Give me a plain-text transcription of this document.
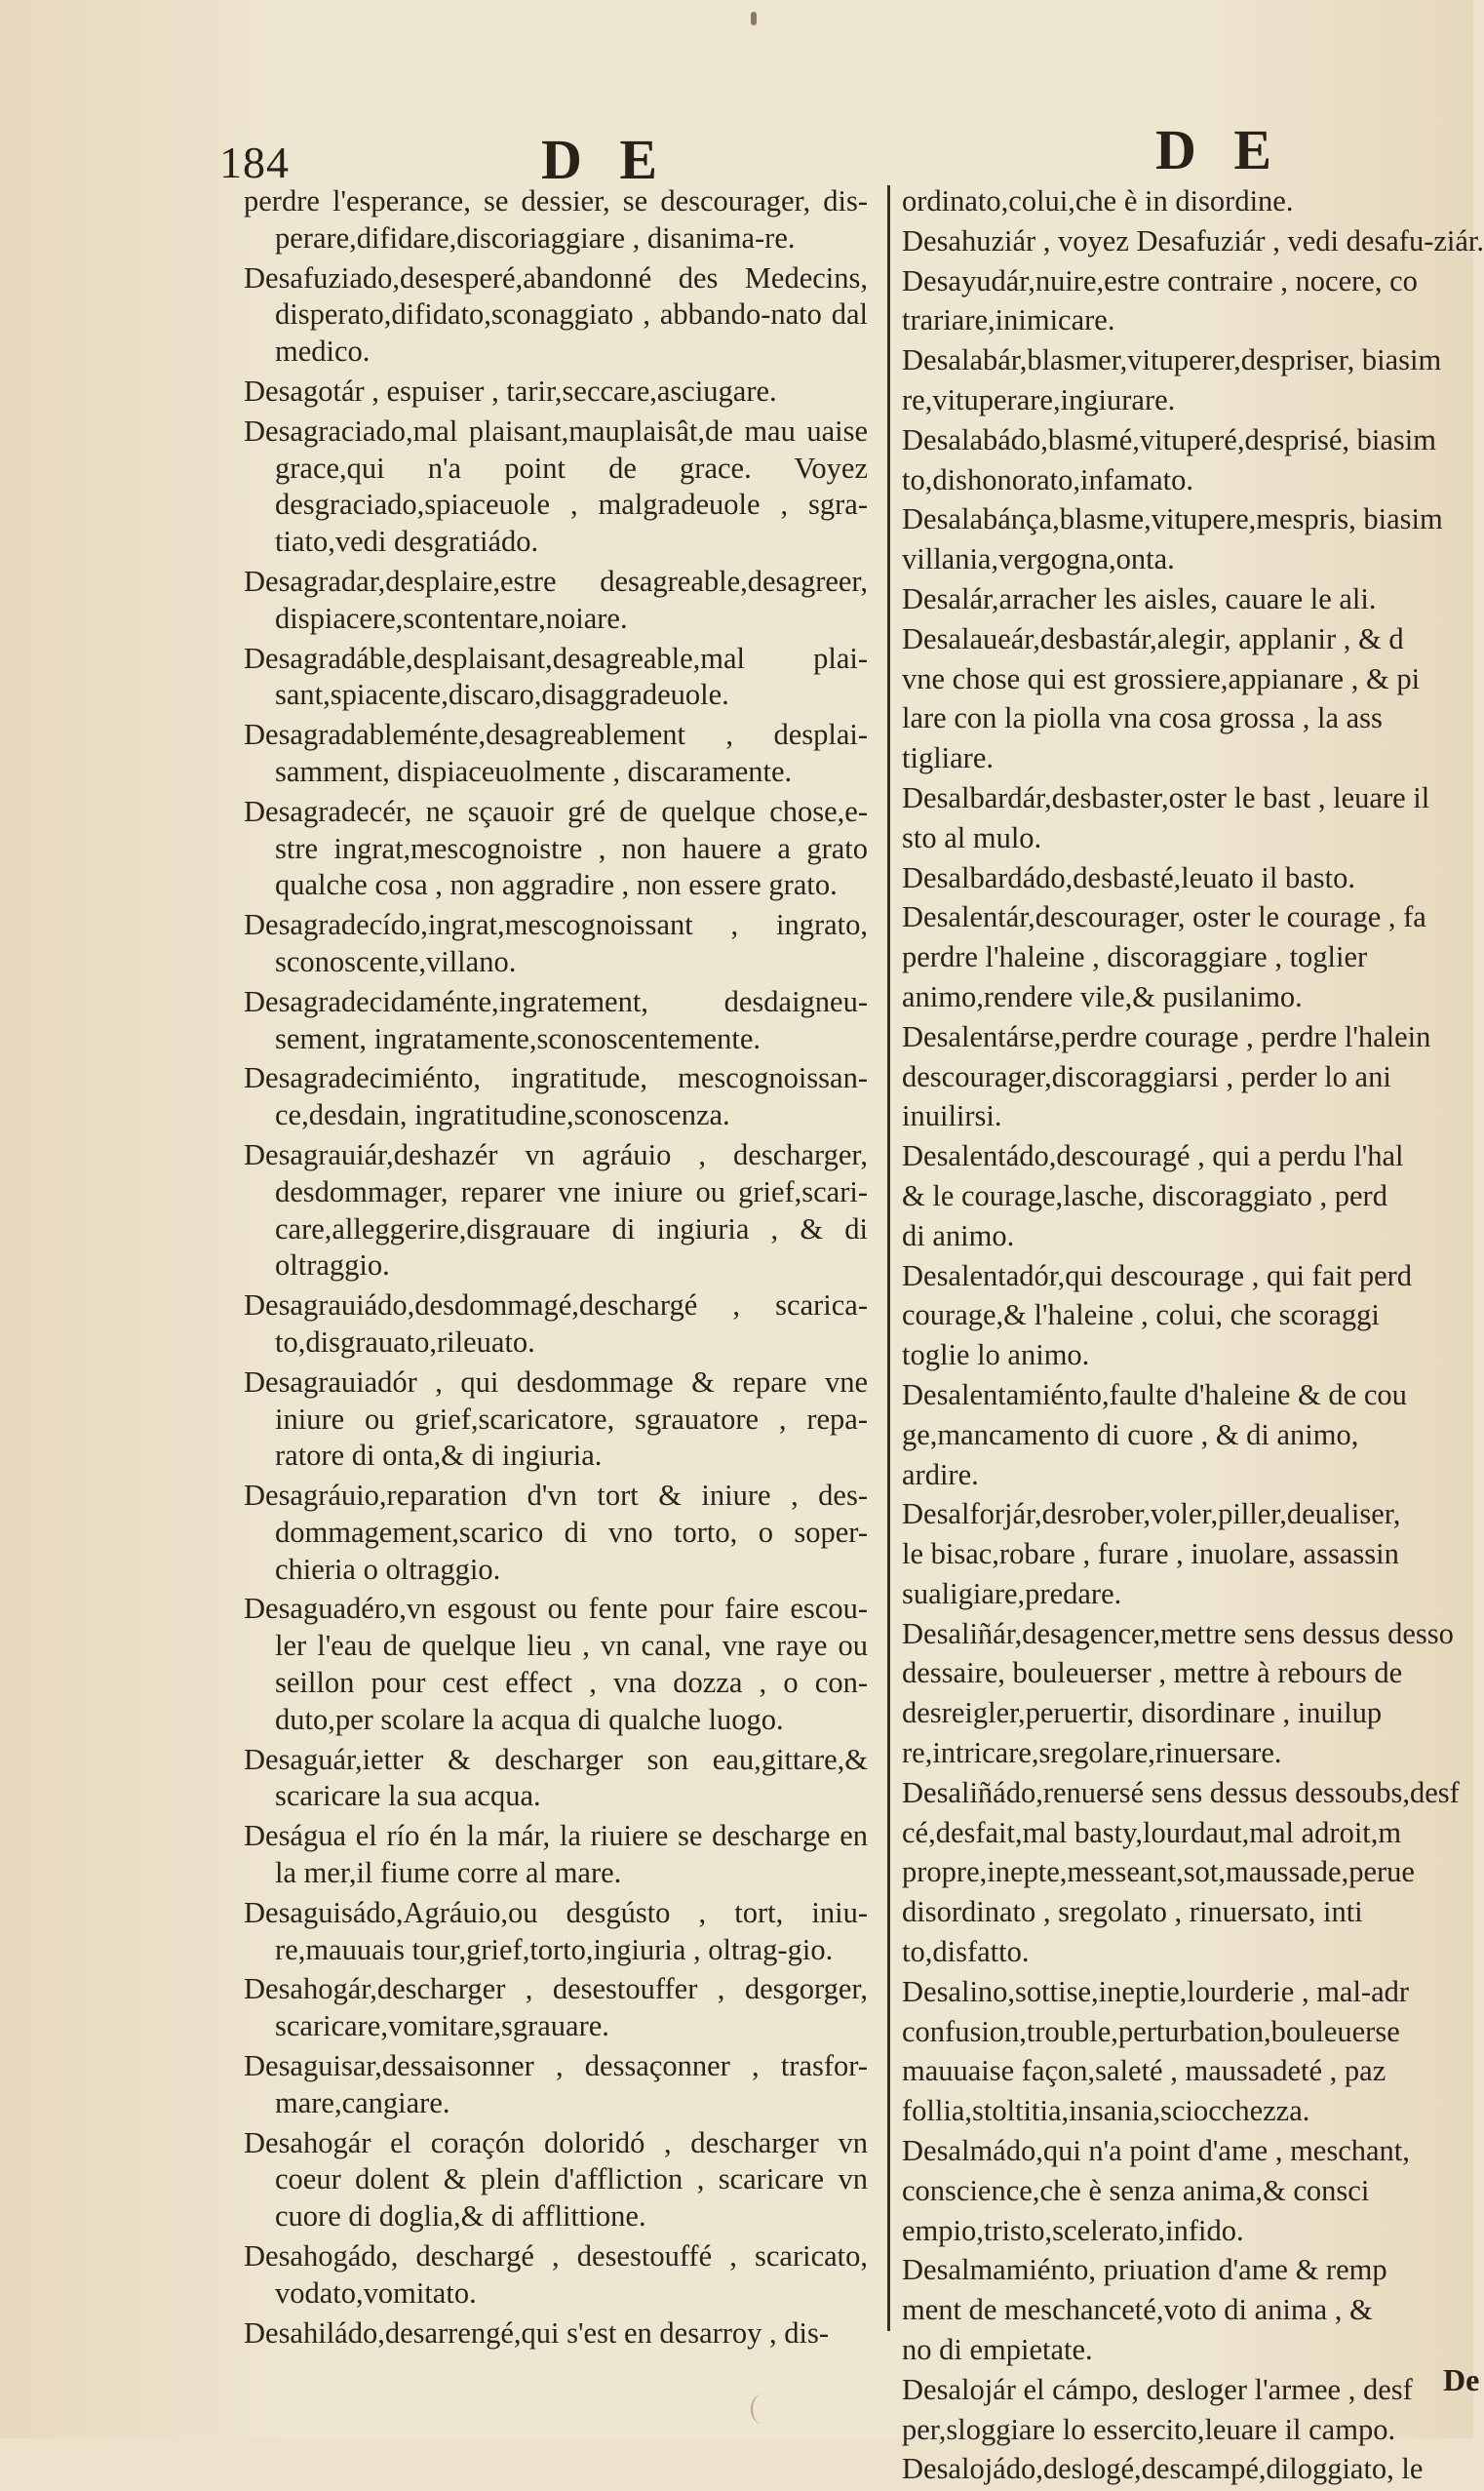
184	D E	D E

perdre l'esperance, se dessier, se descourager, dis-perare,difidare,discoriaggiare , disanima-re.

Desafuziado,desesperé,abandonné des Medecins, disperato,difidato,sconaggiato , abbando-nato dal medico.

Desagotár , espuiser , tarir,seccare,asciugare.

Desagraciado,mal plaisant,mauplaisât,de mau uaise grace,qui n'a point de grace. Voyez desgraciado,spiaceuole , malgradeuole , sgra-tiato,vedi desgratiádo.

Desagradar,desplaire,estre desagreable,desagreer, dispiacere,scontentare,noiare.

Desagradáble,desplaisant,desagreable,mal plai-sant,spiacente,discaro,disaggradeuole.

Desagradableménte,desagreablement , desplai-samment, dispiaceuolmente , discaramente.

Desagradecér, ne sçauoir gré de quelque chose,e-stre ingrat,mescognoistre , non hauere a grato qualche cosa , non aggradire , non essere grato.

Desagradecído,ingrat,mescognoissant , ingrato, sconoscente,villano.

Desagradecidaménte,ingratement, desdaigneu-sement, ingratamente,sconoscentemente.

Desagradecimiénto, ingratitude, mescognoissan-ce,desdain, ingratitudine,sconoscenza.

Desagrauiár,deshazér vn agráuio , descharger, desdommager, reparer vne iniure ou grief,scari-care,alleggerire,disgrauare di ingiuria , & di oltraggio.

Desagrauiádo,desdommagé,deschargé , scarica-to,disgrauato,rileuato.

Desagrauiadór , qui desdommage & repare vne iniure ou grief,scaricatore, sgrauatore , repa-ratore di onta,& di ingiuria.

Desagráuio,reparation d'vn tort & iniure , des-dommagement,scarico di vno torto, o soper-chieria o oltraggio.

Desaguadéro,vn esgoust ou fente pour faire escou-ler l'eau de quelque lieu , vn canal, vne raye ou seillon pour cest effect , vna dozza , o con-duto,per scolare la acqua di qualche luogo.

Desaguár,ietter & descharger son eau,gittare,& scaricare la sua acqua.

Deságua el río én la már, la riuiere se descharge en la mer,il fiume corre al mare.

Desaguisádo,Agráuio,ou desgústo , tort, iniu-re,mauuais tour,grief,torto,ingiuria , oltrag-gio.

Desahogár,descharger , desestouffer , desgorger, scaricare,vomitare,sgrauare.

Desaguisar,dessaisonner , dessaçonner , trasfor-mare,cangiare.

Desahogár el coraçón doloridó , descharger vn coeur dolent & plein d'affliction , scaricare vn cuore di doglia,& di afflittione.

Desahogádo, deschargé , desestouffé , scaricato, vodato,vomitato.

Desahiládo,desarrengé,qui s'est en desarroy , dis-

ordinato,colui,che è in disordine.
Desahuziár , voyez Desafuziár , vedi desafu-ziár.
Desayudár,nuire,estre contraire , nocere, co
trariare,inimicare.
Desalabár,blasmer,vituperer,despriser, biasim
re,vituperare,ingiurare.
Desalabádo,blasmé,vituperé,desprisé, biasim
to,dishonorato,infamato.
Desalabánça,blasme,vitupere,mespris, biasim
villania,vergogna,onta.
Desalár,arracher les aisles, cauare le ali.
Desalaueár,desbastár,alegir, applanir , & d
vne chose qui est grossiere,appianare , & pi
lare con la piolla vna cosa grossa , la ass
tigliare.
Desalbardár,desbaster,oster le bast , leuare il
sto al mulo.
Desalbardádo,desbasté,leuato il basto.
Desalentár,descourager, oster le courage , fa
perdre l'haleine , discoraggiare , toglier
animo,rendere vile,& pusilanimo.
Desalentárse,perdre courage , perdre l'halein
descourager,discoraggiarsi , perder lo ani
inuilirsi.
Desalentádo,descouragé , qui a perdu l'hal
& le courage,lasche, discoraggiato , perd
di animo.
Desalentadór,qui descourage , qui fait perd
courage,& l'haleine , colui, che scoraggi
toglie lo animo.
Desalentamiénto,faulte d'haleine & de cou
ge,mancamento di cuore , & di animo,
ardire.
Desalforjár,desrober,voler,piller,deualiser,
le bisac,robare , furare , inuolare, assassin
sualigiare,predare.
Desaliñár,desagencer,mettre sens dessus desso
dessaire, bouleuerser , mettre à rebours de
desreigler,peruertir, disordinare , inuilup
re,intricare,sregolare,rinuersare.
Desaliñádo,renuersé sens dessus dessoubs,desf
cé,desfait,mal basty,lourdaut,mal adroit,m
propre,inepte,messeant,sot,maussade,perue
disordinato , sregolato , rinuersato, inti
to,disfatto.
Desalino,sottise,ineptie,lourderie , mal-adr
confusion,trouble,perturbation,bouleuerse
mauuaise façon,saleté , maussadeté , paz
follia,stoltitia,insania,sciocchezza.
Desalmádo,qui n'a point d'ame , meschant,
conscience,che è senza anima,& consci
empio,tristo,scelerato,infido.
Desalmamiénto, priuation d'ame & remp
ment de meschanceté,voto di anima , &
no di empietate.
Desalojár el cámpo, desloger l'armee , desf
per,sloggiare lo essercito,leuare il campo.
Desalojádo,deslogé,descampé,diloggiato, le
De
